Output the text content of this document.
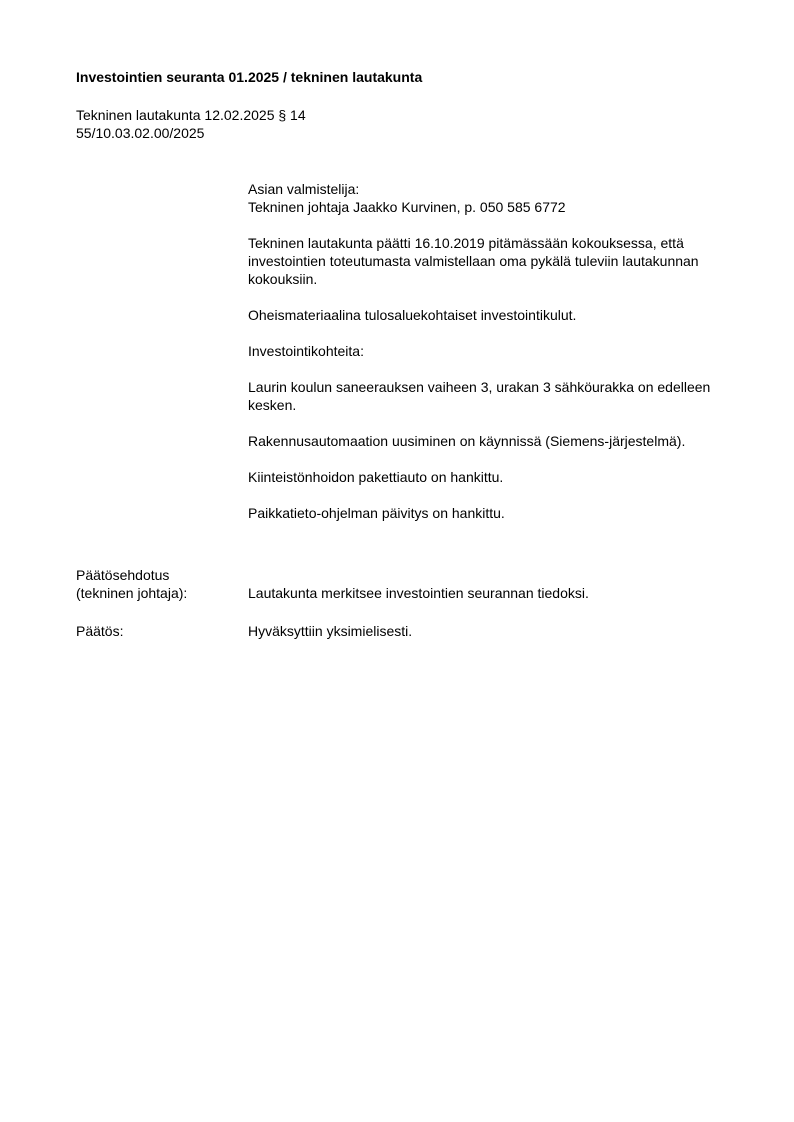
Investointien seuranta 01.2025 / tekninen lautakunta
Tekninen lautakunta 12.02.2025 § 14
55/10.03.02.00/2025
Asian valmistelija:
Tekninen johtaja Jaakko Kurvinen, p. 050 585 6772

Tekninen lautakunta päätti 16.10.2019 pitämässään kokouksessa, että investointien toteutumasta valmistellaan oma pykälä tuleviin lautakunnan kokouksiin.

Oheismateriaalina tulosaluekohtaiset investointikulut.

Investointikohteita:

Laurin koulun saneerauksen vaiheen 3, urakan 3 sähköurakka on edelleen kesken.

Rakennusautomaation uusiminen on käynnissä (Siemens-järjestelmä).

Kiinteistönhoidon pakettiauto on hankittu.

Paikkatieto-ohjelman päivitys on hankittu.

Päätösehdotus
(tekninen johtaja):	Lautakunta merkitsee investointien seurannan tiedoksi.
Päätös:	Hyväksyttiin yksimielisesti.
